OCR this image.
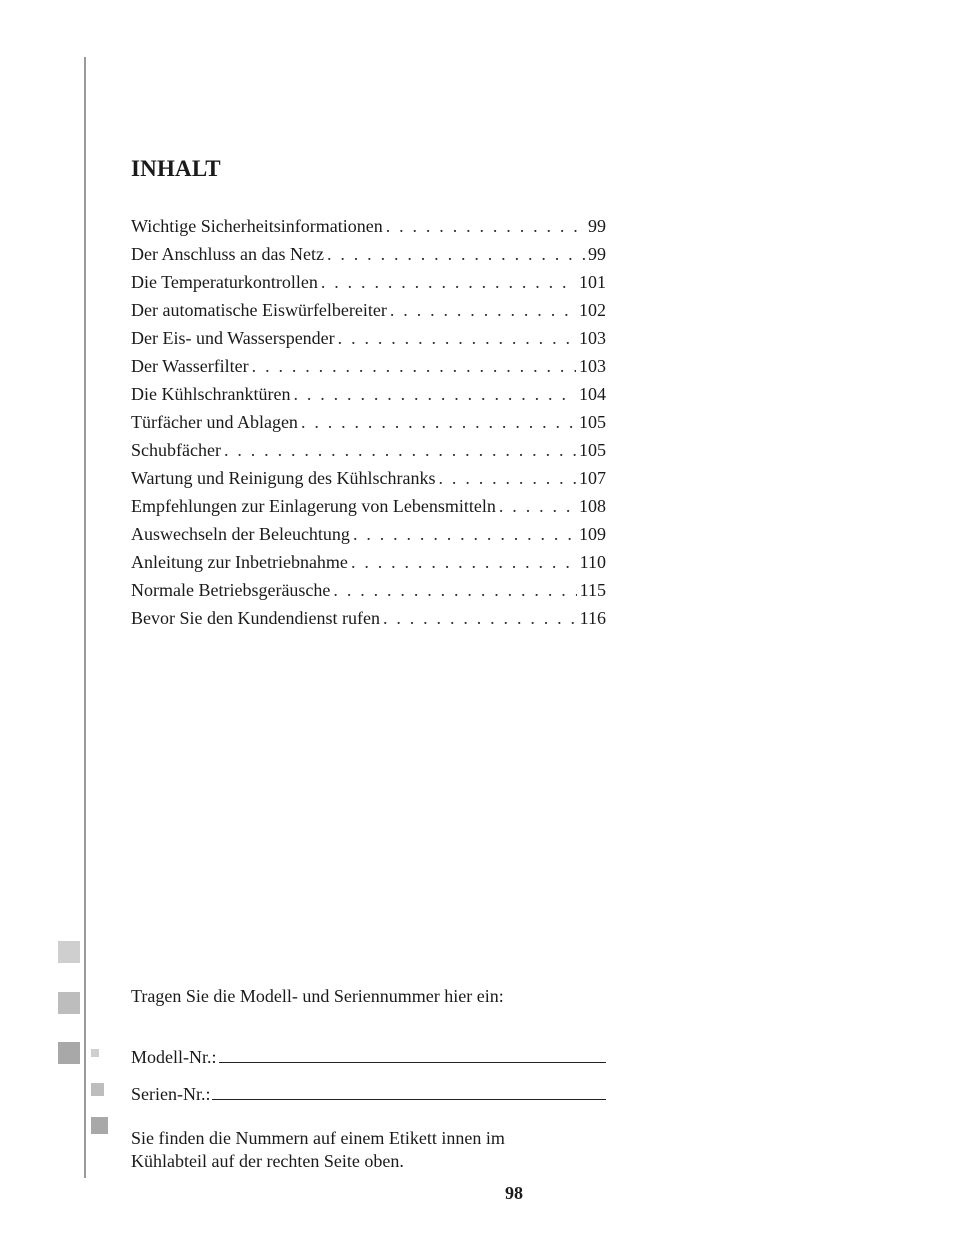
INHALT
Wichtige Sicherheitsinformationen . . .	99
Der Anschluss an das Netz . . .	99
Die Temperaturkontrollen . . .	101
Der automatische Eiswürfelbereiter . . .	102
Der Eis- und Wasserspender . . .	103
Der Wasserfilter . . .	103
Die Kühlschranktüren . . .	104
Türfächer und Ablagen . . .	105
Schubfächer . . .	105
Wartung und Reinigung des Kühlschranks . . .	107
Empfehlungen zur Einlagerung von Lebensmitteln . . .	108
Auswechseln der Beleuchtung . . .	109
Anleitung zur Inbetriebnahme . . .	110
Normale Betriebsgeräusche . . .	115
Bevor Sie den Kundendienst rufen . . .	116

Tragen Sie die Modell- und Seriennummer hier ein:

Modell-Nr.:
Serien-Nr.:

Sie finden die Nummern auf einem Etikett innen im
Kühlabteil auf der rechten Seite oben.

98
